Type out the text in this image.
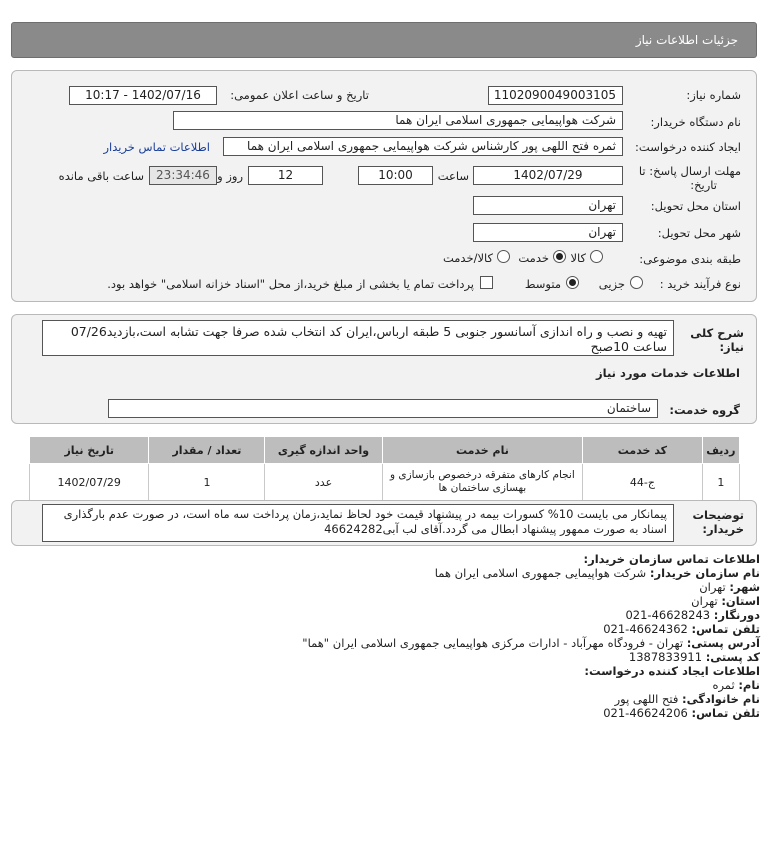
جزئیات اطلاعات نیاز
شماره نیاز:
1102090049003105
تاریخ و ساعت اعلان عمومی:
1402/07/16 - 10:17
نام دستگاه خریدار:
شرکت هواپیمایی جمهوری اسلامی ایران هما
ایجاد کننده درخواست:
ثمره فتح اللهی پور کارشناس شرکت هواپیمایی جمهوری اسلامی ایران هما
اطلاعات تماس خریدار
مهلت ارسال پاسخ: تا
تاریخ:
1402/07/29
ساعت
10:00
12
روز و
23:34:46
ساعت باقی مانده
استان محل تحویل:
تهران
شهر محل تحویل:
تهران
طبقه بندی موضوعی:
کالا
خدمت
کالا/خدمت
نوع فرآیند خرید :
جزیی
متوسط
پرداخت تمام یا بخشی از مبلغ خرید،از محل "اسناد خزانه اسلامی" خواهد بود.
شرح کلی نیاز:
تهیه و نصب و راه اندازی آسانسور جنوبی 5 طبقه ارباس،ایران کد انتخاب شده صرفا جهت تشابه است،بازدید07/26 ساعت 10صبح
اطلاعات خدمات مورد نیاز
گروه خدمت:
ساختمان
ردیف	کد خدمت	نام خدمت	واحد اندازه گیری	تعداد / مقدار	تاریخ نیاز
1	ج-44	انجام کارهای متفرقه درخصوص بازسازی و بهسازی ساختمان ها	عدد	1	1402/07/29
توضیحات خریدار:
پیمانکار می بایست 10% کسورات بیمه در پیشنهاد قیمت خود لحاظ نماید،زمان پرداخت سه ماه است، در صورت عدم بارگذاری اسناد به صورت ممهور پیشنهاد ابطال می گردد.آقای لب آبی46624282
اطلاعات تماس سازمان خریدار:
نام سازمان خریدار: شرکت هواپیمایی جمهوری اسلامی ایران هما
شهر: تهران
استان: تهران
دورنگار: 46628243-021
تلفن تماس: 46624362-021
آدرس پستی: تهران - فرودگاه مهرآباد - ادارات مرکزی هواپیمایی جمهوری اسلامی ایران "هما"
کد پستی: 1387833911
اطلاعات ایجاد کننده درخواست:
نام: ثمره
نام خانوادگی: فتح اللهی پور
تلفن تماس: 46624206-021
